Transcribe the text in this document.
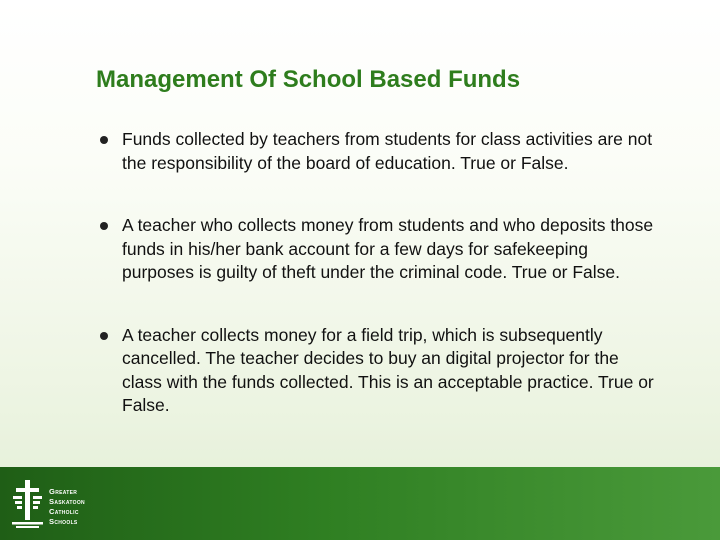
Management Of School Based Funds
Funds collected by teachers from students for class activities are not the responsibility of the board of education. True or False.
A teacher who collects money from students and who deposits those funds in his/her bank account for a few days for safekeeping purposes is guilty of theft under the criminal code. True or False.
A teacher collects money for a field trip, which is subsequently cancelled. The teacher decides to buy an digital projector for the class with the funds collected. This is an acceptable practice. True or False.
Greater
Saskatoon
Catholic
Schools
